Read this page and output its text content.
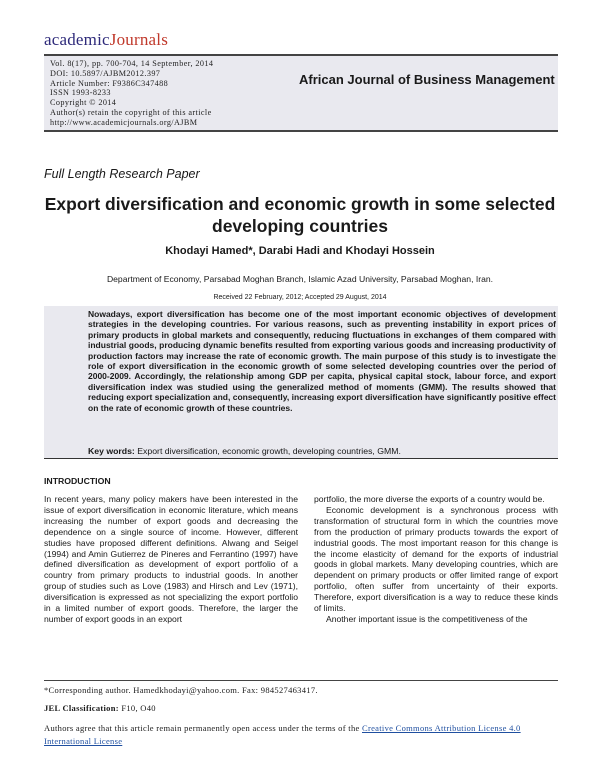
academicJournals
Vol. 8(17), pp. 700-704, 14 September, 2014
DOI: 10.5897/AJBM2012.397
Article Number: F9386C347488
ISSN 1993-8233
Copyright © 2014
Author(s) retain the copyright of this article
http://www.academicjournals.org/AJBM
African Journal of Business Management
Full Length Research Paper
Export diversification and economic growth in some selected developing countries
Khodayi Hamed*, Darabi Hadi and Khodayi Hossein
Department of Economy, Parsabad Moghan Branch, Islamic Azad University, Parsabad Moghan, Iran.
Received 22 February, 2012; Accepted 29 August, 2014
Nowadays, export diversification has become one of the most important economic objectives of development strategies in the developing countries. For various reasons, such as preventing instability in export prices of primary products in global markets and consequently, reducing fluctuations in exchanges of them compared with industrial goods, producing dynamic benefits resulted from exporting various goods and increasing productivity of production factors may increase the rate of economic growth. The main purpose of this study is to investigate the role of export diversification in the economic growth of some selected developing countries over the period of 2000-2009. Accordingly, the relationship among GDP per capita, physical capital stock, labour force, and export diversification index was studied using the generalized method of moments (GMM). The results showed that reducing export specialization and, consequently, increasing export diversification have significantly positive effect on the rate of economic growth of these countries.
Key words: Export diversification, economic growth, developing countries, GMM.
INTRODUCTION

In recent years, many policy makers have been interested in the issue of export diversification in economic literature, which means increasing the number of export goods and decreasing the dependence on a single source of income. However, different studies have proposed different definitions. Alwang and Seigel (1994) and Amin Gutierrez de Pineres and Ferrantino (1997) have defined diversification as development of export portfolio of a country from primary products to industrial goods. In another group of studies such as Love (1983) and Hirsch and Lev (1971), diversification is expressed as not specializing the export portfolio in a limited number of export goods. Therefore, the larger the number of export goods in an export

portfolio, the more diverse the exports of a country would be.

Economic development is a synchronous process with transformation of structural form in which the countries move from the production of primary products towards the export of industrial goods. The most important reason for this change is the income elasticity of demand for the exports of industrial goods in global markets. Many developing countries, which are dependent on primary products or offer limited range of export portfolio, often suffer from uncertainty of their exports. Therefore, export diversification is a way to reduce these kinds of limits.

Another important issue is the competitiveness of the

*Corresponding author. Hamedkhodayi@yahoo.com. Fax: 984527463417.
JEL Classification: F10, O40
Authors agree that this article remain permanently open access under the terms of the Creative Commons Attribution License 4.0 International License
